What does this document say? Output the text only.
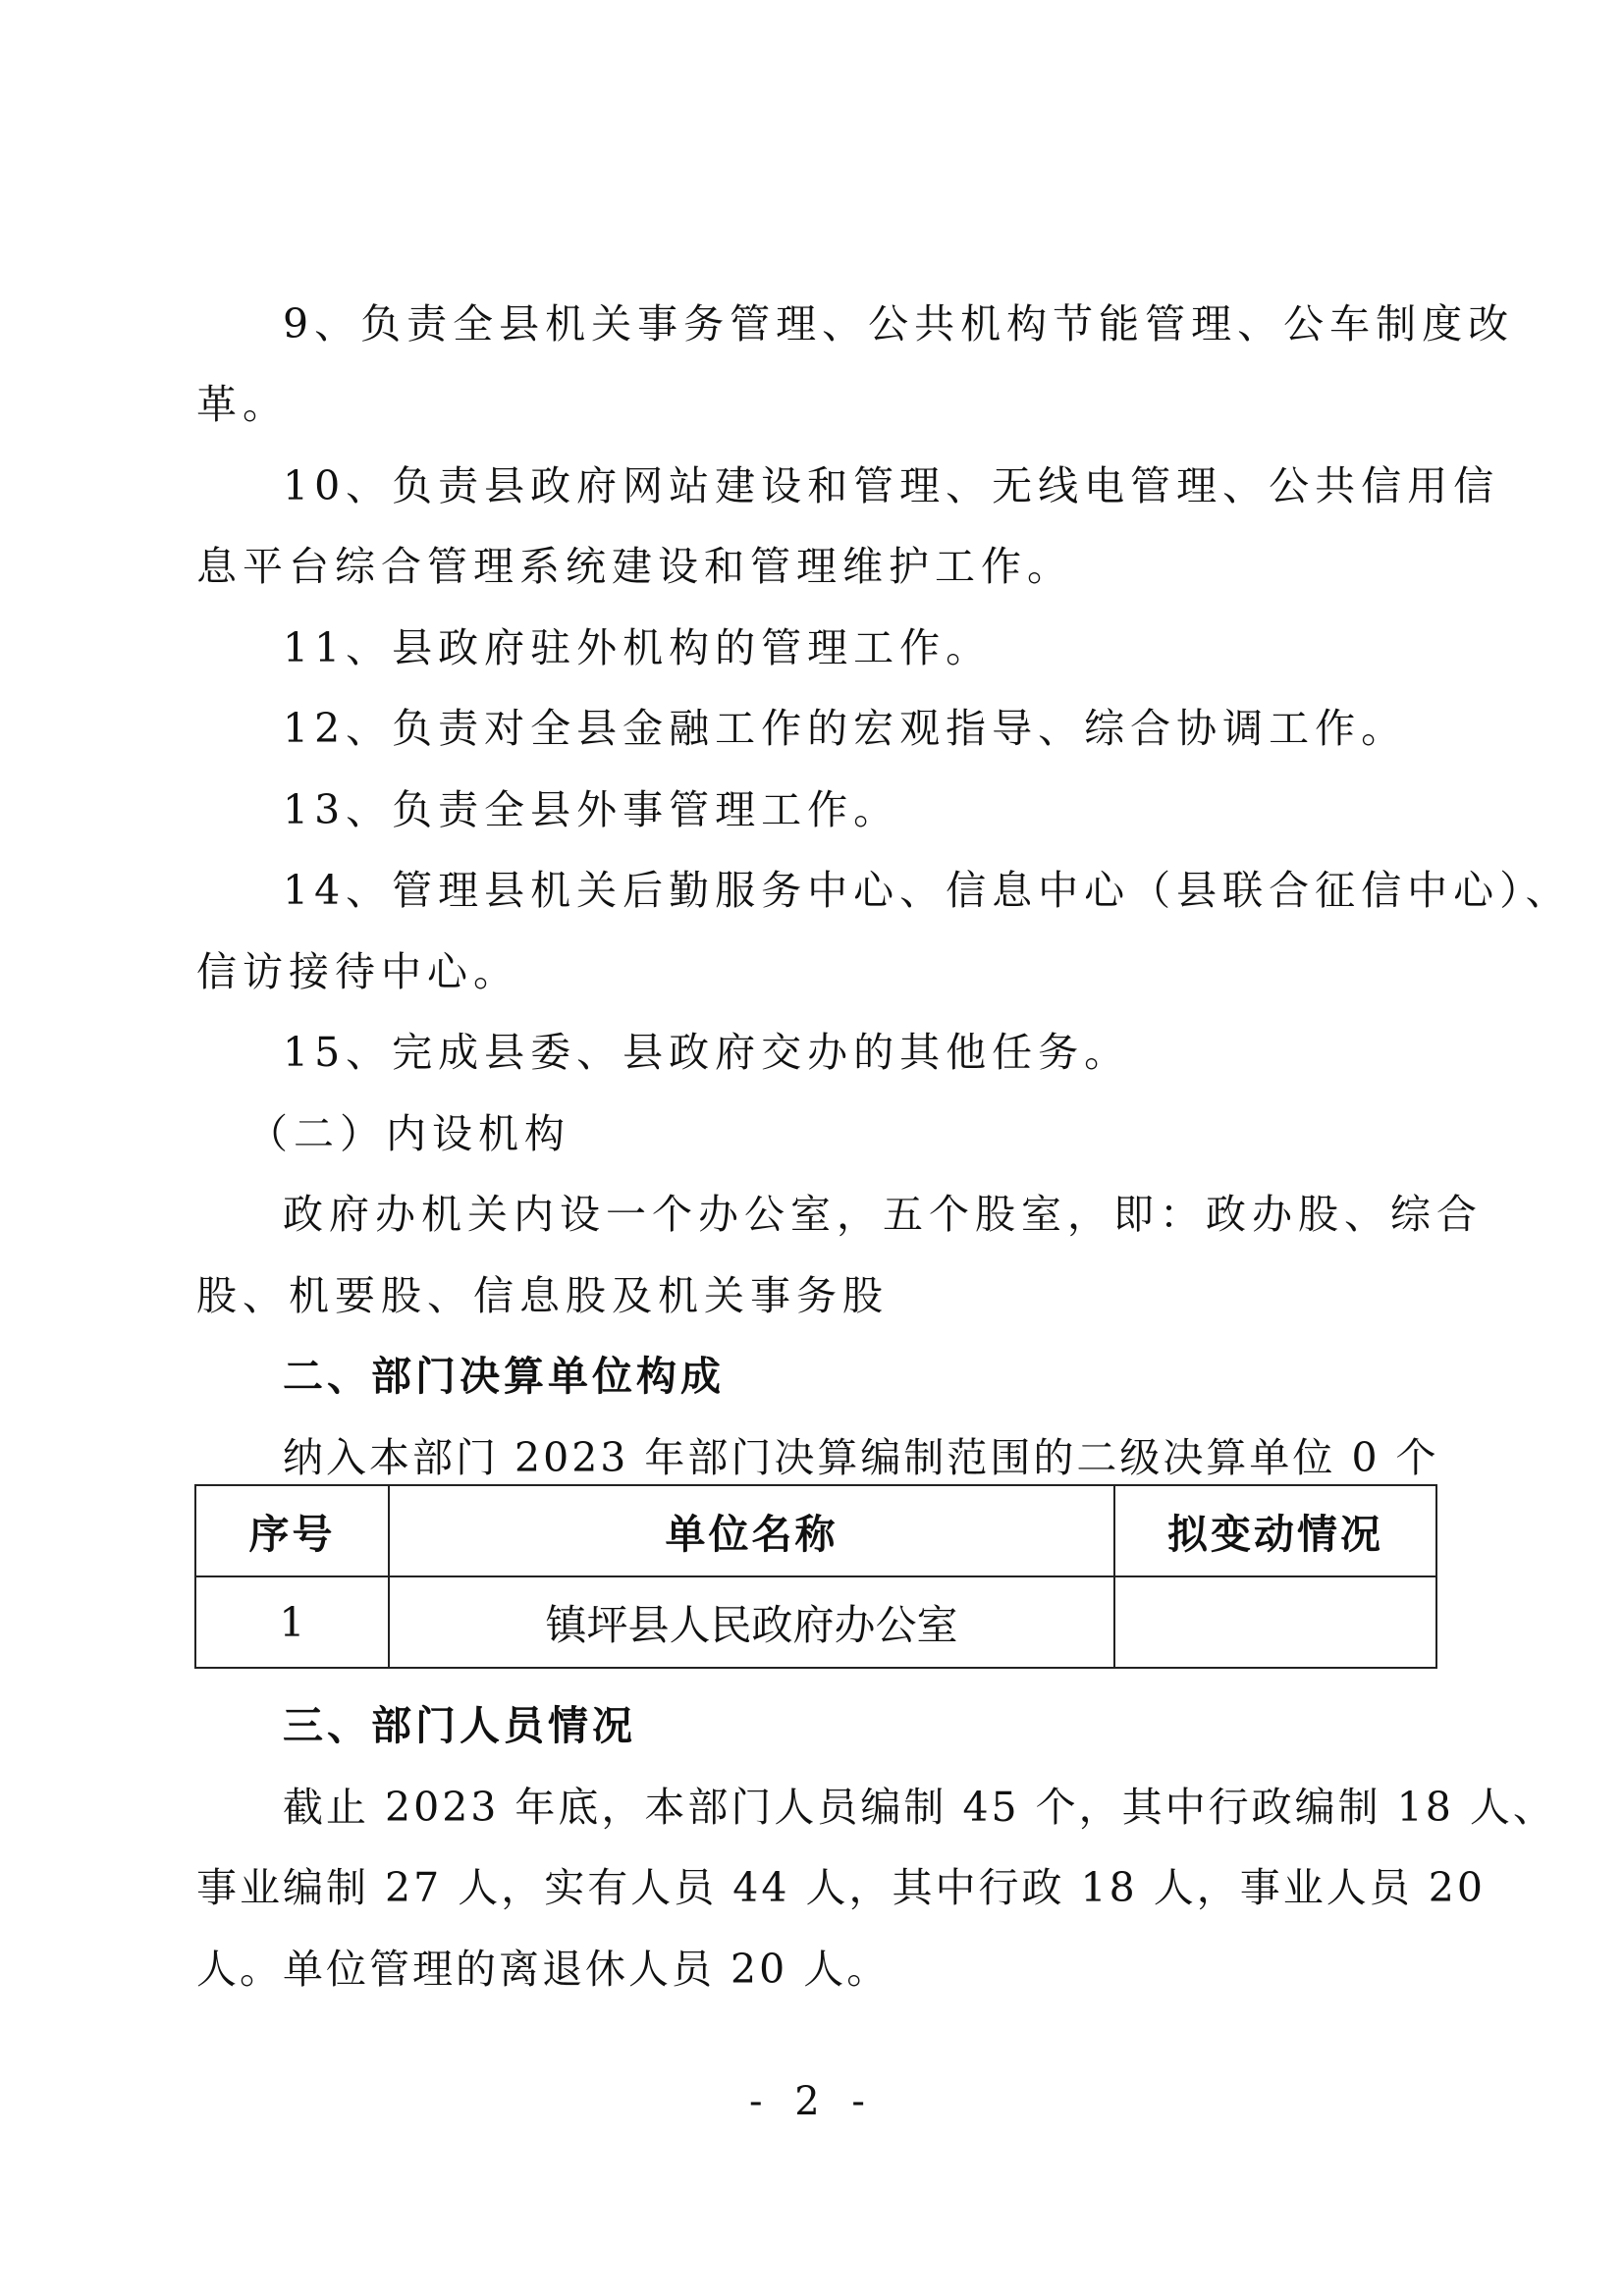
9、负责全县机关事务管理、公共机构节能管理、公车制度改
革。
10、负责县政府网站建设和管理、无线电管理、公共信用信
息平台综合管理系统建设和管理维护工作。
11、县政府驻外机构的管理工作。
12、负责对全县金融工作的宏观指导、综合协调工作。
13、负责全县外事管理工作。
14、管理县机关后勤服务中心、信息中心（县联合征信中心）、
信访接待中心。
15、完成县委、县政府交办的其他任务。
（二）内设机构
政府办机关内设一个办公室，五个股室，即：政办股、综合
股、机要股、信息股及机关事务股
二、部门决算单位构成
纳入本部门 2023 年部门决算编制范围的二级决算单位 0 个
序号	单位名称	拟变动情况
1	镇坪县人民政府办公室	
三、部门人员情况
截止 2023 年底，本部门人员编制 45 个，其中行政编制 18 人、
事业编制 27 人，实有人员 44 人，其中行政 18 人，事业人员 20
人。单位管理的离退休人员 20 人。
- 2 -
